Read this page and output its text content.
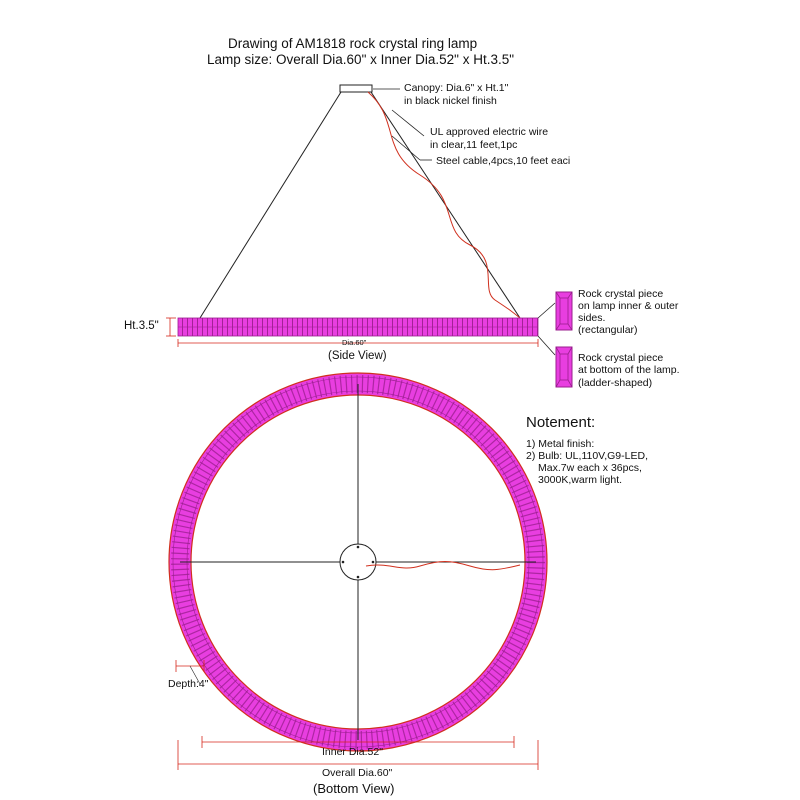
Drawing of AM1818 rock crystal ring lamp
Lamp size: Overall Dia.60" x Inner Dia.52" x Ht.3.5"
Canopy: Dia.6" x Ht.1"
in black nickel finish
UL approved electric wire
in clear,11 feet,1pc
Steel cable,4pcs,10 feet eaci
Rock crystal piece
on lamp inner & outer
sides.
(rectangular)
Rock crystal piece
at bottom of the lamp.
(ladder-shaped)
Ht.3.5"
Dia.60"
(Side View)
Notement:
1) Metal finish:
2) Bulb: UL,110V,G9-LED,
Max.7w each x 36pcs,
3000K,warm light.
Depth:4"
Inner Dia.52"
Overall Dia.60"
(Bottom View)
